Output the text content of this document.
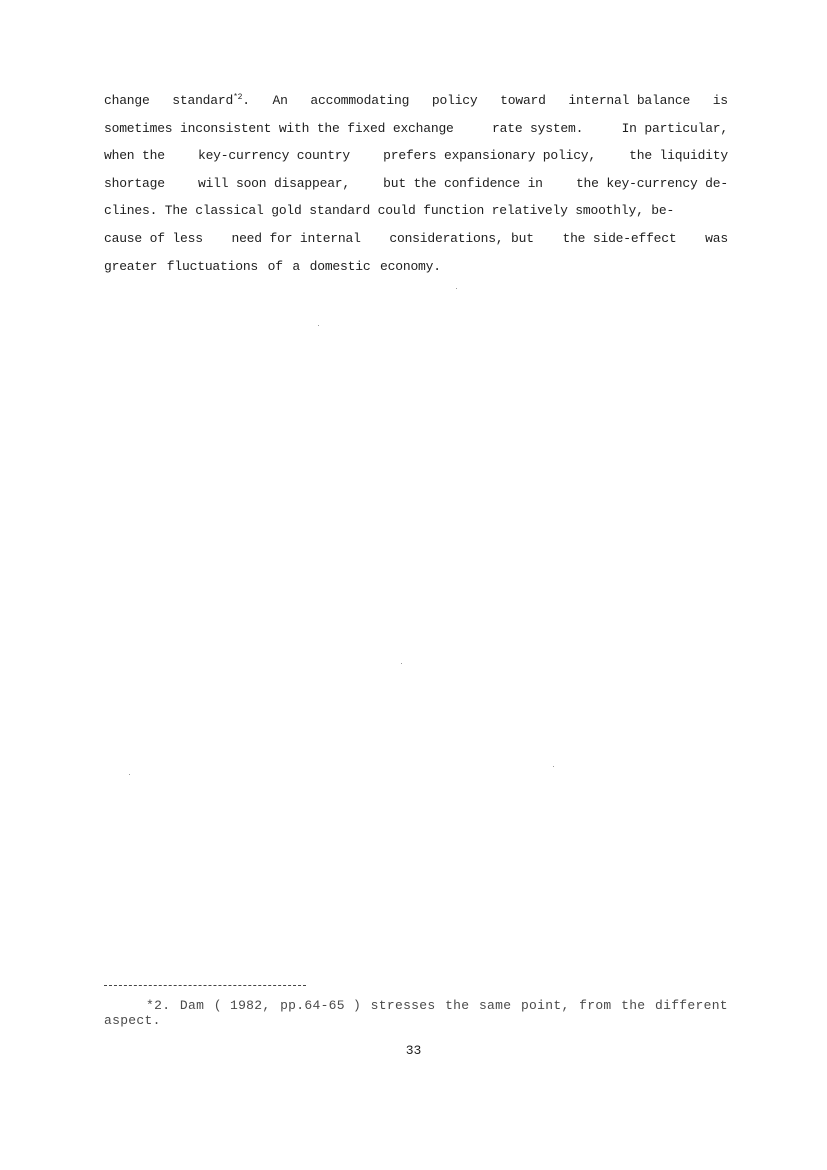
change standard$^{*2}$. An accommodating policy toward internal balance is
sometimes inconsistent with the fixed exchange	rate system.	In particular,
when the	key-currency country	prefers expansionary policy,	the liquidity
shortage	will soon disappear,	but the confidence in	the key-currency de-
clines. The classical gold standard could function relatively smoothly, be-
cause of less need for internal considerations, but the side-effect was
greater fluctuations of a domestic economy.
*2. Dam ( 1982, pp.64-65 ) stresses the same point, from the different
aspect.
33
